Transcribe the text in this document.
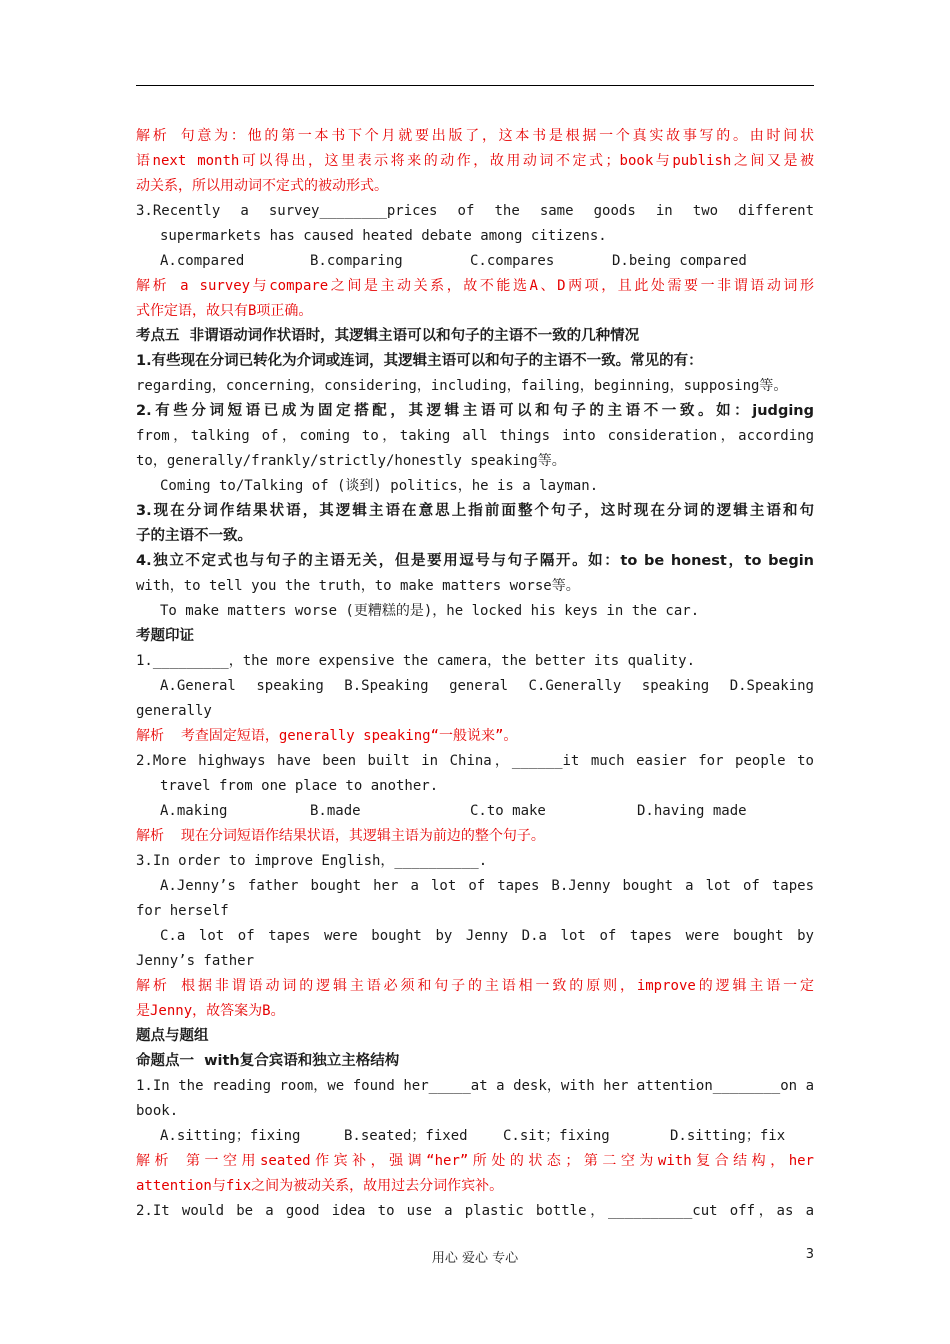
解析 句意为：他的第一本书下个月就要出版了，这本书是根据一个真实故事写的。由时间状
语next month可以得出，这里表示将来的动作，故用动词不定式；book与publish之间又是被
动关系，所以用动词不定式的被动形式。
3.Recently a survey________prices of the same goods in two different
supermarkets has caused heated debate among citizens.
A.compared	B.comparing	C.compares	D.being compared
解析 a survey与compare之间是主动关系，故不能选A、D两项，且此处需要一非谓语动词形
式作定语，故只有B项正确。
考点五  非谓语动词作状语时，其逻辑主语可以和句子的主语不一致的几种情况
1.有些现在分词已转化为介词或连词，其逻辑主语可以和句子的主语不一致。常见的有：
regarding，concerning，considering，including，failing，beginning，supposing等。
2.有些分词短语已成为固定搭配，其逻辑主语可以和句子的主语不一致。如：judging
from，talking of，coming to，taking all things into consideration，according
to，generally/frankly/strictly/honestly speaking等。
Coming to/Talking of (谈到) politics，he is a layman.
3.现在分词作结果状语，其逻辑主语在意思上指前面整个句子，这时现在分词的逻辑主语和句
子的主语不一致。
4.独立不定式也与句子的主语无关，但是要用逗号与句子隔开。如：to be honest，to begin
with，to tell you the truth，to make matters worse等。
To make matters worse (更糟糕的是)，he locked his keys in the car.
考题印证
1._________，the more expensive the camera，the better its quality.
A.General speaking B.Speaking general C.Generally speaking D.Speaking
generally
解析  考查固定短语，generally speaking“一般说来”。
2.More highways have been built in China，______it much easier for people to
travel from one place to another.
A.making	B.made	C.to make	D.having made
解析  现在分词短语作结果状语，其逻辑主语为前边的整个句子。
3.In order to improve English，__________.
A.Jenny’s father bought her a lot of tapes B.Jenny bought a lot of tapes
for herself
C.a lot of tapes were bought by Jenny D.a lot of tapes were bought by
Jenny’s father
解析 根据非谓语动词的逻辑主语必须和句子的主语相一致的原则，improve的逻辑主语一定
是Jenny，故答案为B。
题点与题组
命题点一  with复合宾语和独立主格结构
1.In the reading room，we found her_____at a desk，with her attention________on a
book.
A.sitting；fixing	B.seated；fixed	C.sit；fixing	D.sitting；fix
解析 第一空用seated作宾补，强调“her”所处的状态；第二空为with复合结构，her
attention与fix之间为被动关系，故用过去分词作宾补。
2.It would be a good idea to use a plastic bottle，__________cut off，as a
用心 爱心 专心	3
